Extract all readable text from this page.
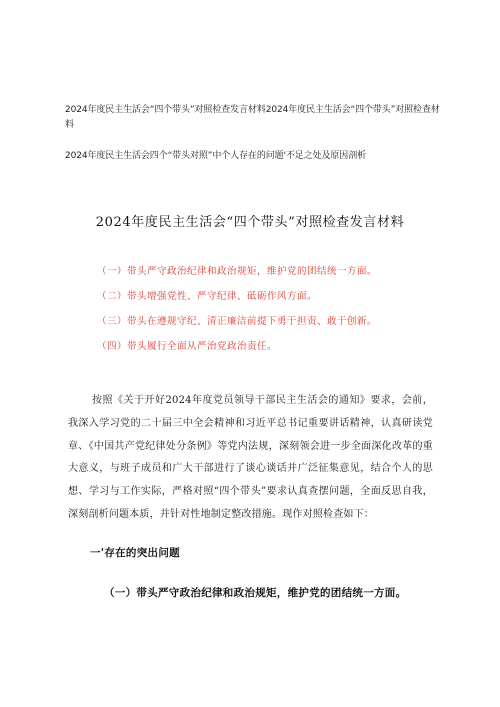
2024年度民主生活会“四个带头”对照检查发言材料2024年度民主生活会“四个带头”对照检查材料
2024年度民主生活会四个“带头对照”中个人存在的问题'不足之处及原因剖析
2024年度民主生活会“四个带头”对照检查发言材料
（一）带头严守政治纪律和政治规矩，维护党的团结统一方面。
（二）带头增强党性、严守纪律、砥砺作风方面。
（三）带头在遵规守纪、清正廉洁前提下勇于担责、敢于创新。
（四）带头履行全面从严治党政治责任。

按照《关于开好2024年度党员领导干部民主生活会的通知》要求，会前，我深入学习党的二十届三中全会精神和习近平总书记重要讲话精神，认真研读党章、《中国共产党纪律处分条例》等党内法规，深刻领会进一步全面深化改革的重大意义，与班子成员和广大干部进行了谈心谈话并广泛征集意见，结合个人的思想、学习与工作实际，严格对照“四个带头”要求认真查摆问题，全面反思自我，深刻剖析问题本质，并针对性地制定整改措施。现作对照检查如下：

一'存在的突出问题
（一）带头严守政治纪律和政治规矩，维护党的团结统一方面。
